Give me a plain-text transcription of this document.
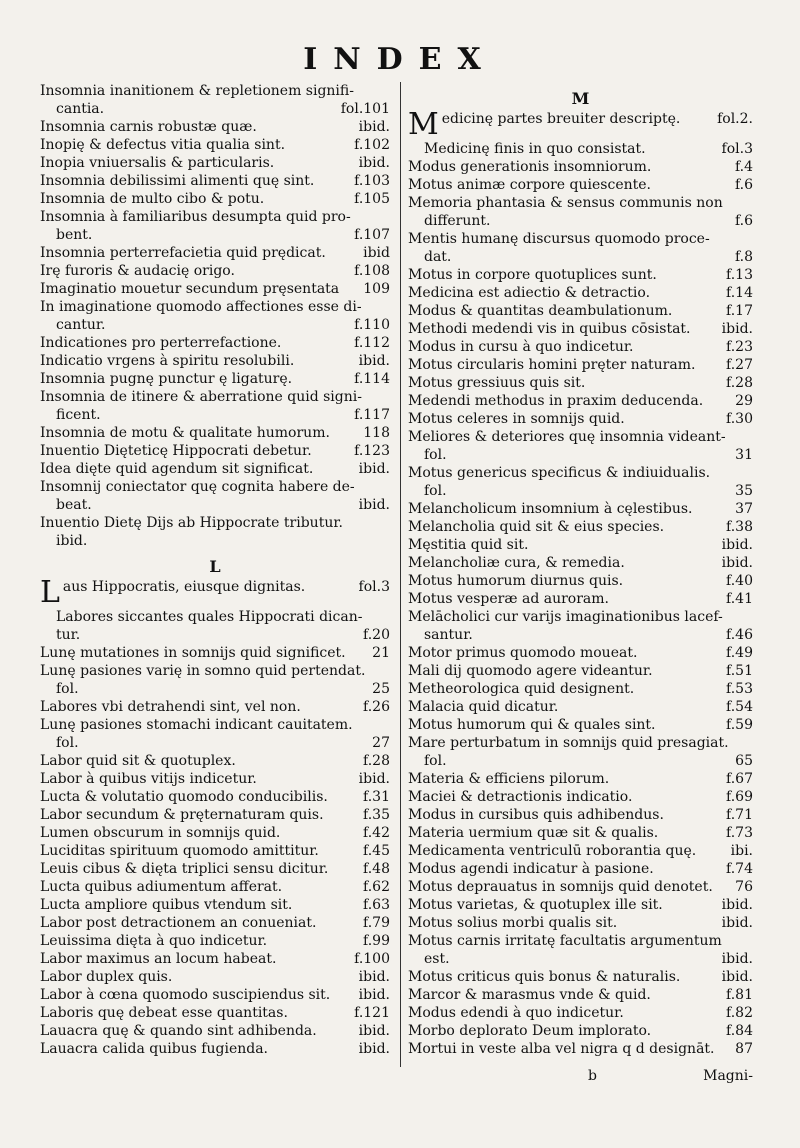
INDEX
Insomnia inanitionem & repletionem signifi-
cantia.	fol.101
Insomnia carnis robustæ quæ.	ibid.
Inopię & defectus vitia qualia sint.	f.102
Inopia vniuersalis & particularis.	ibid.
Insomnia debilissimi alimenti quę sint.	f.103
Insomnia de multo cibo & potu.	f.105
Insomnia à familiaribus desumpta quid pro-
bent.	f.107
Insomnia perterrefacietia quid prędicat.	ibid
Irę furoris & audacię origo.	f.108
Imaginatio mouetur secundum pręsentata	109
In imaginatione quomodo affectiones esse di-
cantur.	f.110
Indicationes pro perterrefactione.	f.112
Indicatio vrgens à spiritu resolubili.	ibid.
Insomnia pugnę punctur ę ligaturę.	f.114
Insomnia de itinere & aberratione quid signi-
ficent.	f.117
Insomnia de motu & qualitate humorum.	118
Inuentio Dięteticę Hippocrati debetur.	f.123
Idea dięte quid agendum sit significat.	ibid.
Insomnij coniectator quę cognita habere de-
beat.	ibid.
Inuentio Dietę Dijs ab Hippocrate tributur.
ibid.
L
Laus Hippocratis, eiusque dignitas.	fol.3
Labores siccantes quales Hippocrati dican-
tur.	f.20
Lunę mutationes in somnijs quid significet.	21
Lunę pasiones varię in somno quid pertendat.
fol.	25
Labores vbi detrahendi sint, vel non.	f.26
Lunę pasiones stomachi indicant cauitatem.
fol.	27
Labor quid sit & quotuplex.	f.28
Labor à quibus vitijs indicetur.	ibid.
Lucta & volutatio quomodo conducibilis.	f.31
Labor secundum & pręternaturam quis.	f.35
Lumen obscurum in somnijs quid.	f.42
Luciditas spirituum quomodo amittitur.	f.45
Leuis cibus & dięta triplici sensu dicitur.	f.48
Lucta quibus adiumentum afferat.	f.62
Lucta ampliore quibus vtendum sit.	f.63
Labor post detractionem an conueniat.	f.79
Leuissima dięta à quo indicetur.	f.99
Labor maximus an locum habeat.	f.100
Labor duplex quis.	ibid.
Labor à cœna quomodo suscipiendus sit.	ibid.
Laboris quę debeat esse quantitas.	f.121
Lauacra quę & quando sint adhibenda.	ibid.
Lauacra calida quibus fugienda.	ibid.
M
Medicinę partes breuiter descriptę.	fol.2.
Medicinę finis in quo consistat.	fol.3
Modus generationis insomniorum.	f.4
Motus animæ corpore quiescente.	f.6
Memoria phantasia & sensus communis non
differunt.	f.6
Mentis humanę discursus quomodo proce-
dat.	f.8
Motus in corpore quotuplices sunt.	f.13
Medicina est adiectio & detractio.	f.14
Modus & quantitas deambulationum.	f.17
Methodi medendi vis in quibus cōsistat.	ibid.
Modus in cursu à quo indicetur.	f.23
Motus circularis homini pręter naturam.	f.27
Motus gressiuus quis sit.	f.28
Medendi methodus in praxim deducenda.	29
Motus celeres in somnijs quid.	f.30
Meliores & deteriores quę insomnia videant-
fol.	31
Motus genericus specificus & indiuidualis.
fol.	35
Melancholicum insomnium à cęlestibus.	37
Melancholia quid sit & eius species.	f.38
Męstitia quid sit.	ibid.
Melancholiæ cura, & remedia.	ibid.
Motus humorum diurnus quis.	f.40
Motus vesperæ ad auroram.	f.41
Melācholici cur varijs imaginationibus lacef-
santur.	f.46
Motor primus quomodo moueat.	f.49
Mali dij quomodo agere videantur.	f.51
Metheorologica quid designent.	f.53
Malacia quid dicatur.	f.54
Motus humorum qui & quales sint.	f.59
Mare perturbatum in somnijs quid presagiat.
fol.	65
Materia & efficiens pilorum.	f.67
Maciei & detractionis indicatio.	f.69
Modus in cursibus quis adhibendus.	f.71
Materia uermium quæ sit & qualis.	f.73
Medicamenta ventriculū roborantia quę.	ibi.
Modus agendi indicatur à pasione.	f.74
Motus deprauatus in somnijs quid denotet.	76
Motus varietas, & quotuplex ille sit.	ibid.
Motus solius morbi qualis sit.	ibid.
Motus carnis irritatę facultatis argumentum
est.	ibid.
Motus criticus quis bonus & naturalis.	ibid.
Marcor & marasmus vnde & quid.	f.81
Modus edendi à quo indicetur.	f.82
Morbo deplorato Deum implorato.	f.84
Mortui in veste alba vel nigra q d designāt.	87
b	Magni-
